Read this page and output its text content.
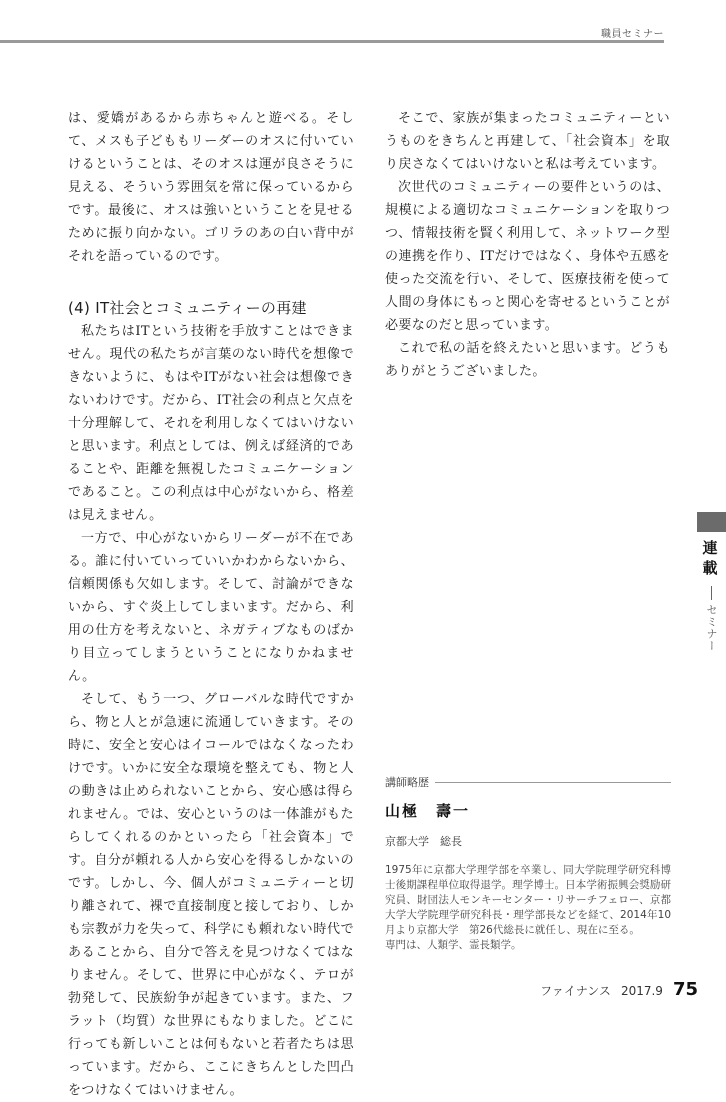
職員セミナー

は、愛嬌があるから赤ちゃんと遊べる。そして、メスも子どももリーダーのオスに付いていけるということは、そのオスは運が良さそうに見える、そういう雰囲気を常に保っているからです。最後に、オスは強いということを見せるために振り向かない。ゴリラのあの白い背中がそれを語っているのです。

(4) IT社会とコミュニティーの再建

私たちはITという技術を手放すことはできません。現代の私たちが言葉のない時代を想像できないように、もはやITがない社会は想像できないわけです。だから、IT社会の利点と欠点を十分理解して、それを利用しなくてはいけないと思います。利点としては、例えば経済的であることや、距離を無視したコミュニケーションであること。この利点は中心がないから、格差は見えません。

一方で、中心がないからリーダーが不在である。誰に付いていっていいかわからないから、信頼関係も欠如します。そして、討論ができないから、すぐ炎上してしまいます。だから、利用の仕方を考えないと、ネガティブなものばかり目立ってしまうということになりかねません。

そして、もう一つ、グローバルな時代ですから、物と人とが急速に流通していきます。その時に、安全と安心はイコールではなくなったわけです。いかに安全な環境を整えても、物と人の動きは止められないことから、安心感は得られません。では、安心というのは一体誰がもたらしてくれるのかといったら「社会資本」です。自分が頼れる人から安心を得るしかないのです。しかし、今、個人がコミュニティーと切り離されて、裸で直接制度と接しており、しかも宗教が力を失って、科学にも頼れない時代であることから、自分で答えを見つけなくてはなりません。そして、世界に中心がなく、テロが勃発して、民族紛争が起きています。また、フラット（均質）な世界にもなりました。どこに行っても新しいことは何もないと若者たちは思っています。だから、ここにきちんとした凹凸をつけなくてはいけません。

そこで、家族が集まったコミュニティーというものをきちんと再建して、「社会資本」を取り戻さなくてはいけないと私は考えています。

次世代のコミュニティーの要件というのは、規模による適切なコミュニケーションを取りつつ、情報技術を賢く利用して、ネットワーク型の連携を作り、ITだけではなく、身体や五感を使った交流を行い、そして、医療技術を使って人間の身体にもっと関心を寄せるということが必要なのだと思っています。

これで私の話を終えたいと思います。どうもありがとうございました。

連
載
セミナー
講師略歴
山極　壽一
京都大学　総長
1975年に京都大学理学部を卒業し、同大学院理学研究科博士後期課程単位取得退学。理学博士。日本学術振興会奨励研究員、財団法人モンキーセンター・リサーチフェロー、京都大学大学院理学研究科長・理学部長などを経て、2014年10月より京都大学　第26代総長に就任し、現在に至る。
専門は、人類学、霊長類学。
ファイナンス 2017.9 75
